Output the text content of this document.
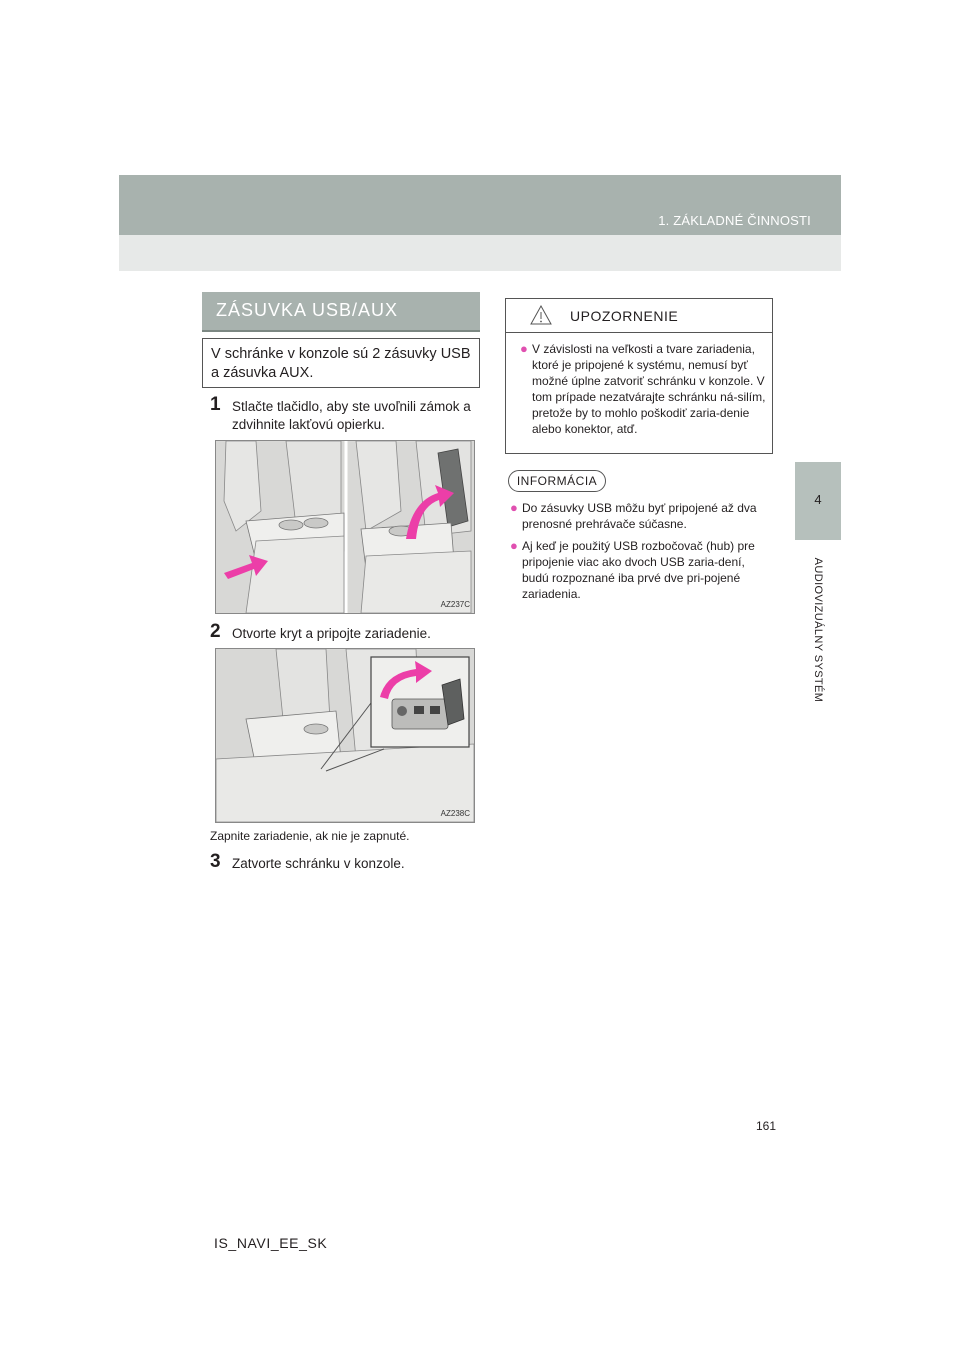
1. ZÁKLADNÉ ČINNOSTI
4
AUDIOVIZUÁLNY SYSTÉM
ZÁSUVKA USB/AUX
V schránke v konzole sú 2 zásuvky USB a zásuvka AUX.
1 Stlačte tlačidlo, aby ste uvoľnili zámok a zdvihnite lakťovú opierku.
AZ237C
2 Otvorte kryt a pripojte zariadenie.
AZ238C
Zapnite zariadenie, ak nie je zapnuté.
3 Zatvorte schránku v konzole.
UPOZORNENIE
● V závislosti na veľkosti a tvare zariadenia, ktoré je pripojené k systému, nemusí byť možné úplne zatvoriť schránku v konzole. V tom prípade nezatvárajte schránku ná-silím, pretože by to mohlo poškodiť zaria-denie alebo konektor, atď.
INFORMÁCIA
● Do zásuvky USB môžu byť pripojené až dva prenosné prehrávače súčasne.
● Aj keď je použitý USB rozbočovač (hub) pre pripojenie viac ako dvoch USB zaria-dení, budú rozpoznané iba prvé dve pri-pojené zariadenia.
161
IS_NAVI_EE_SK
